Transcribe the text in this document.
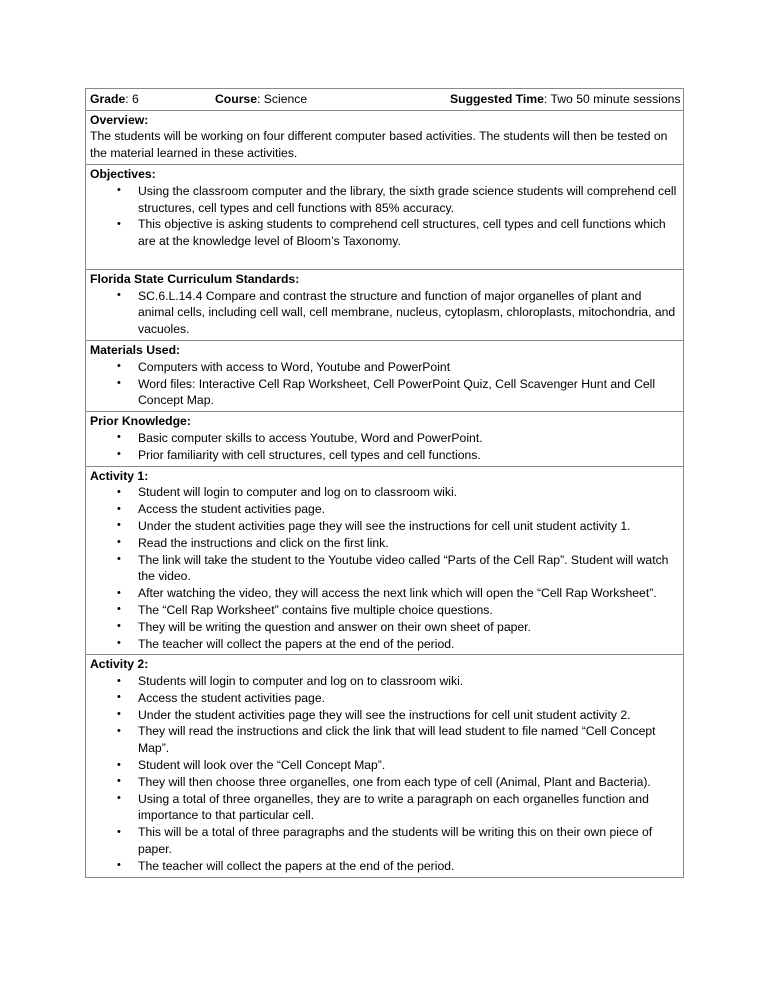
Grade: 6	Course: Science	Suggested Time: Two 50 minute sessions

Overview:
The students will be working on four different computer based activities. The students will then be tested on the material learned in these activities.

Objectives:
• Using the classroom computer and the library, the sixth grade science students will comprehend cell structures, cell types and cell functions with 85% accuracy.
• This objective is asking students to comprehend cell structures, cell types and cell functions which are at the knowledge level of Bloom’s Taxonomy.

Florida State Curriculum Standards:
• SC.6.L.14.4 Compare and contrast the structure and function of major organelles of plant and animal cells, including cell wall, cell membrane, nucleus, cytoplasm, chloroplasts, mitochondria, and vacuoles.

Materials Used:
• Computers with access to Word, Youtube and PowerPoint
• Word files: Interactive Cell Rap Worksheet, Cell PowerPoint Quiz, Cell Scavenger Hunt and Cell Concept Map.

Prior Knowledge:
• Basic computer skills to access Youtube, Word and PowerPoint.
• Prior familiarity with cell structures, cell types and cell functions.

Activity 1:
• Student will login to computer and log on to classroom wiki.
• Access the student activities page.
• Under the student activities page they will see the instructions for cell unit student activity 1.
• Read the instructions and click on the first link.
• The link will take the student to the Youtube video called “Parts of the Cell Rap”. Student will watch the video.
• After watching the video, they will access the next link which will open the “Cell Rap Worksheet”.
• The “Cell Rap Worksheet” contains five multiple choice questions.
• They will be writing the question and answer on their own sheet of paper.
• The teacher will collect the papers at the end of the period.

Activity 2:
• Students will login to computer and log on to classroom wiki.
• Access the student activities page.
• Under the student activities page they will see the instructions for cell unit student activity 2.
• They will read the instructions and click the link that will lead student to file named “Cell Concept Map”.
• Student will look over the “Cell Concept Map”.
• They will then choose three organelles, one from each type of cell (Animal, Plant and Bacteria).
• Using a total of three organelles, they are to write a paragraph on each organelles function and importance to that particular cell.
• This will be a total of three paragraphs and the students will be writing this on their own piece of paper.
• The teacher will collect the papers at the end of the period.
